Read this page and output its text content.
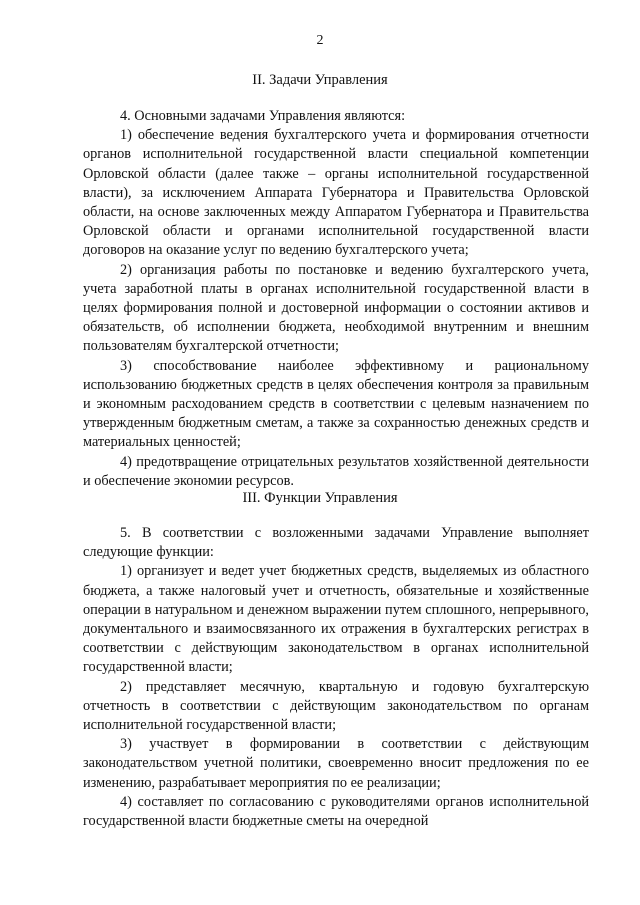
2
II. Задачи Управления

4. Основными задачами Управления являются:

1) обеспечение ведения бухгалтерского учета и формирования отчетности органов исполнительной государственной власти специальной компетенции Орловской области (далее также – органы исполнительной государственной власти), за исключением Аппарата Губернатора и Правительства Орловской области, на основе заключенных между Аппаратом Губернатора и Правительства Орловской области и органами исполнительной государственной власти договоров на оказание услуг по ведению бухгалтерского учета;

2) организация работы по постановке и ведению бухгалтерского учета, учета заработной платы в органах исполнительной государственной власти в целях формирования полной и достоверной информации о состоянии активов и обязательств, об исполнении бюджета, необходимой внутренним и внешним пользователям бухгалтерской отчетности;

3) способствование наиболее эффективному и рациональному использованию бюджетных средств в целях обеспечения контроля за правильным и экономным расходованием средств в соответствии с целевым назначением по утвержденным бюджетным сметам, а также за сохранностью денежных средств и материальных ценностей;

4) предотвращение отрицательных результатов хозяйственной деятельности и обеспечение экономии ресурсов.

III. Функции Управления

5. В соответствии с возложенными задачами Управление выполняет следующие функции:

1) организует и ведет учет бюджетных средств, выделяемых из областного бюджета, а также налоговый учет и отчетность, обязательные и хозяйственные операции в натуральном и денежном выражении путем сплошного, непрерывного, документального и взаимосвязанного их отражения в бухгалтерских регистрах в соответствии с действующим законодательством в органах исполнительной государственной власти;

2) представляет месячную, квартальную и годовую бухгалтерскую отчетность в соответствии с действующим законодательством по органам исполнительной государственной власти;

3) участвует в формировании в соответствии с действующим законодательством учетной политики, своевременно вносит предложения по ее изменению, разрабатывает мероприятия по ее реализации;

4) составляет по согласованию с руководителями органов исполнительной государственной власти бюджетные сметы на очередной
